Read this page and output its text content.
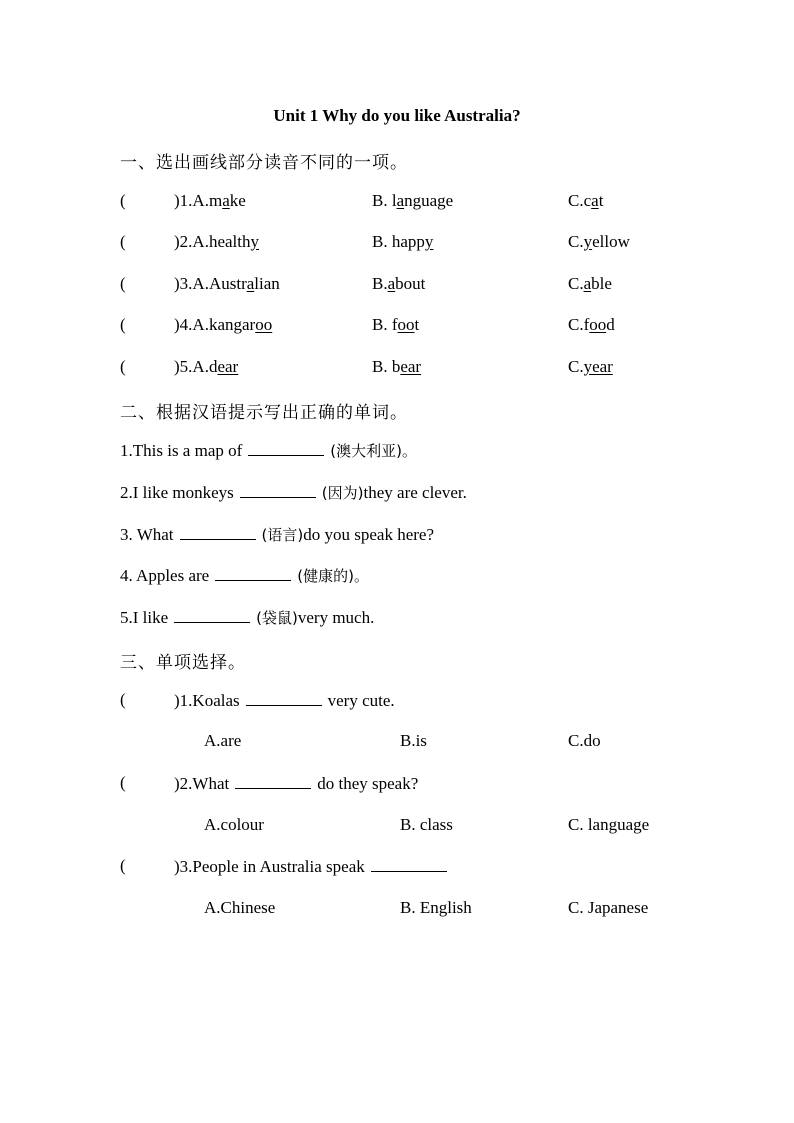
Unit 1 Why do you like Australia?
一、选出画线部分读音不同的一项。
(	)1.A.make	B. language	C.cat
(	)2.A.healthy	B. happy	C.yellow
(	)3.A.Australian	B.about	C.able
(	)4.A.kangaroo	B. foot	C.food
(	)5.A.dear	B. bear	C.year
二、根据汉语提示写出正确的单词。
1.This is a map of	(澳大利亚)。
2.I like monkeys	(因为)they are clever.
3. What	(语言)do you speak here?
4. Apples are	(健康的)。
5.I like	(袋鼠)very much.
三、单项选择。
(	)1.Koalas	very cute.
A.are	B.is	C.do
(	)2.What	do they speak?
A.colour	B. class	C. language
(	)3.People in Australia speak
A.Chinese	B. English	C. Japanese
